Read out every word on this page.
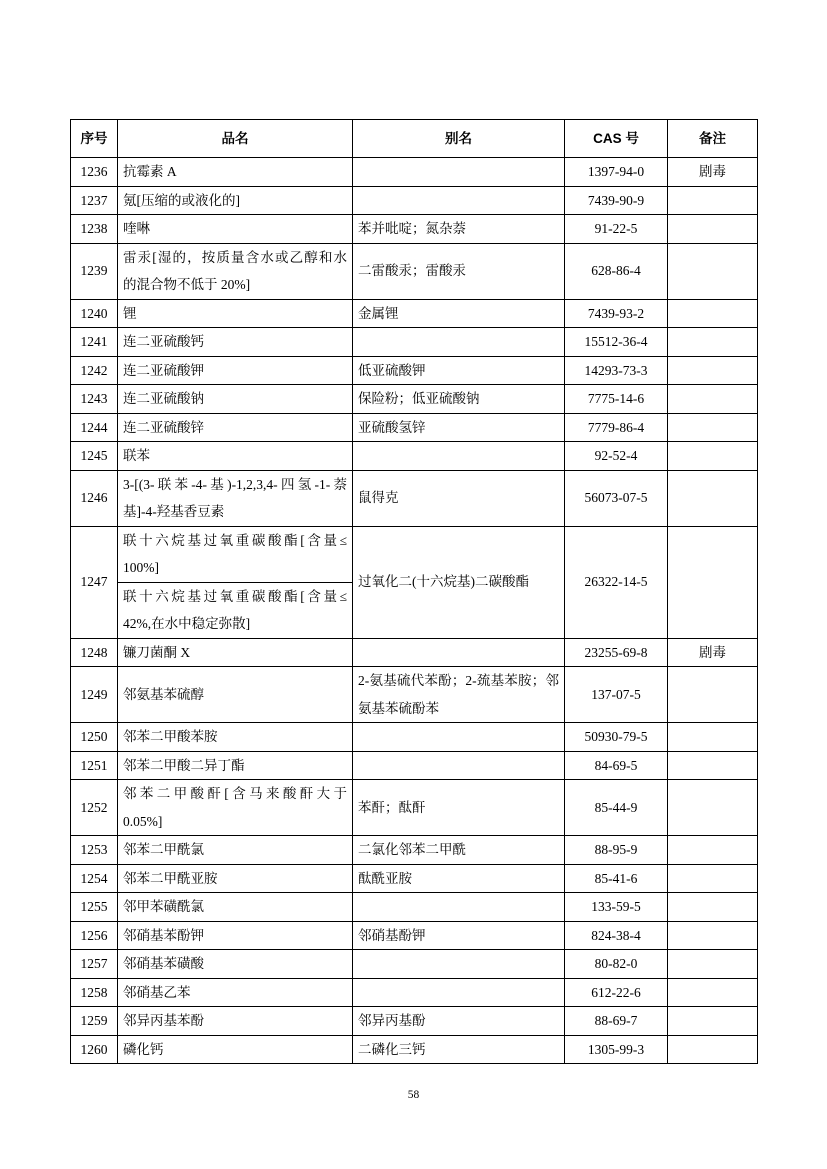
序号	品名	别名	CAS 号	备注
1236	抗霉素 A		1397-94-0	剧毒
1237	氪[压缩的或液化的]		7439-90-9	
1238	喹啉	苯并吡啶；氮杂萘	91-22-5	
1239	雷汞[湿的，按质量含水或乙醇和水
的混合物不低于 20%]	二雷酸汞；雷酸汞	628-86-4	
1240	锂	金属锂	7439-93-2	
1241	连二亚硫酸钙		15512-36-4	
1242	连二亚硫酸钾	低亚硫酸钾	14293-73-3	
1243	连二亚硫酸钠	保险粉；低亚硫酸钠	7775-14-6	
1244	连二亚硫酸锌	亚硫酸氢锌	7779-86-4	
1245	联苯		92-52-4	
1246	3-[(3-联苯-4-基)-1,2,3,4-四氢-1-萘
基]-4-羟基香豆素	鼠得克	56073-07-5	
1247	联十六烷基过氧重碳酸酯[含量≤
100%]	过氧化二(十六烷基)二碳酸酯	26322-14-5	

	联十六烷基过氧重碳酸酯[含量≤
42%,在水中稳定弥散]			

1248	镰刀菌酮 X		23255-69-8	剧毒
1249	邻氨基苯硫醇	2-氨基硫代苯酚；2-巯基苯胺；邻
氨基苯硫酚苯	137-07-5	
1250	邻苯二甲酸苯胺		50930-79-5	
1251	邻苯二甲酸二异丁酯		84-69-5	
1252	邻苯二甲酸酐[含马来酸酐大于
0.05%]	苯酐；酞酐	85-44-9	
1253	邻苯二甲酰氯	二氯化邻苯二甲酰	88-95-9	
1254	邻苯二甲酰亚胺	酞酰亚胺	85-41-6	
1255	邻甲苯磺酰氯		133-59-5	
1256	邻硝基苯酚钾	邻硝基酚钾	824-38-4	
1257	邻硝基苯磺酸		80-82-0	
1258	邻硝基乙苯		612-22-6	
1259	邻异丙基苯酚	邻异丙基酚	88-69-7	
1260	磷化钙	二磷化三钙	1305-99-3	
58
